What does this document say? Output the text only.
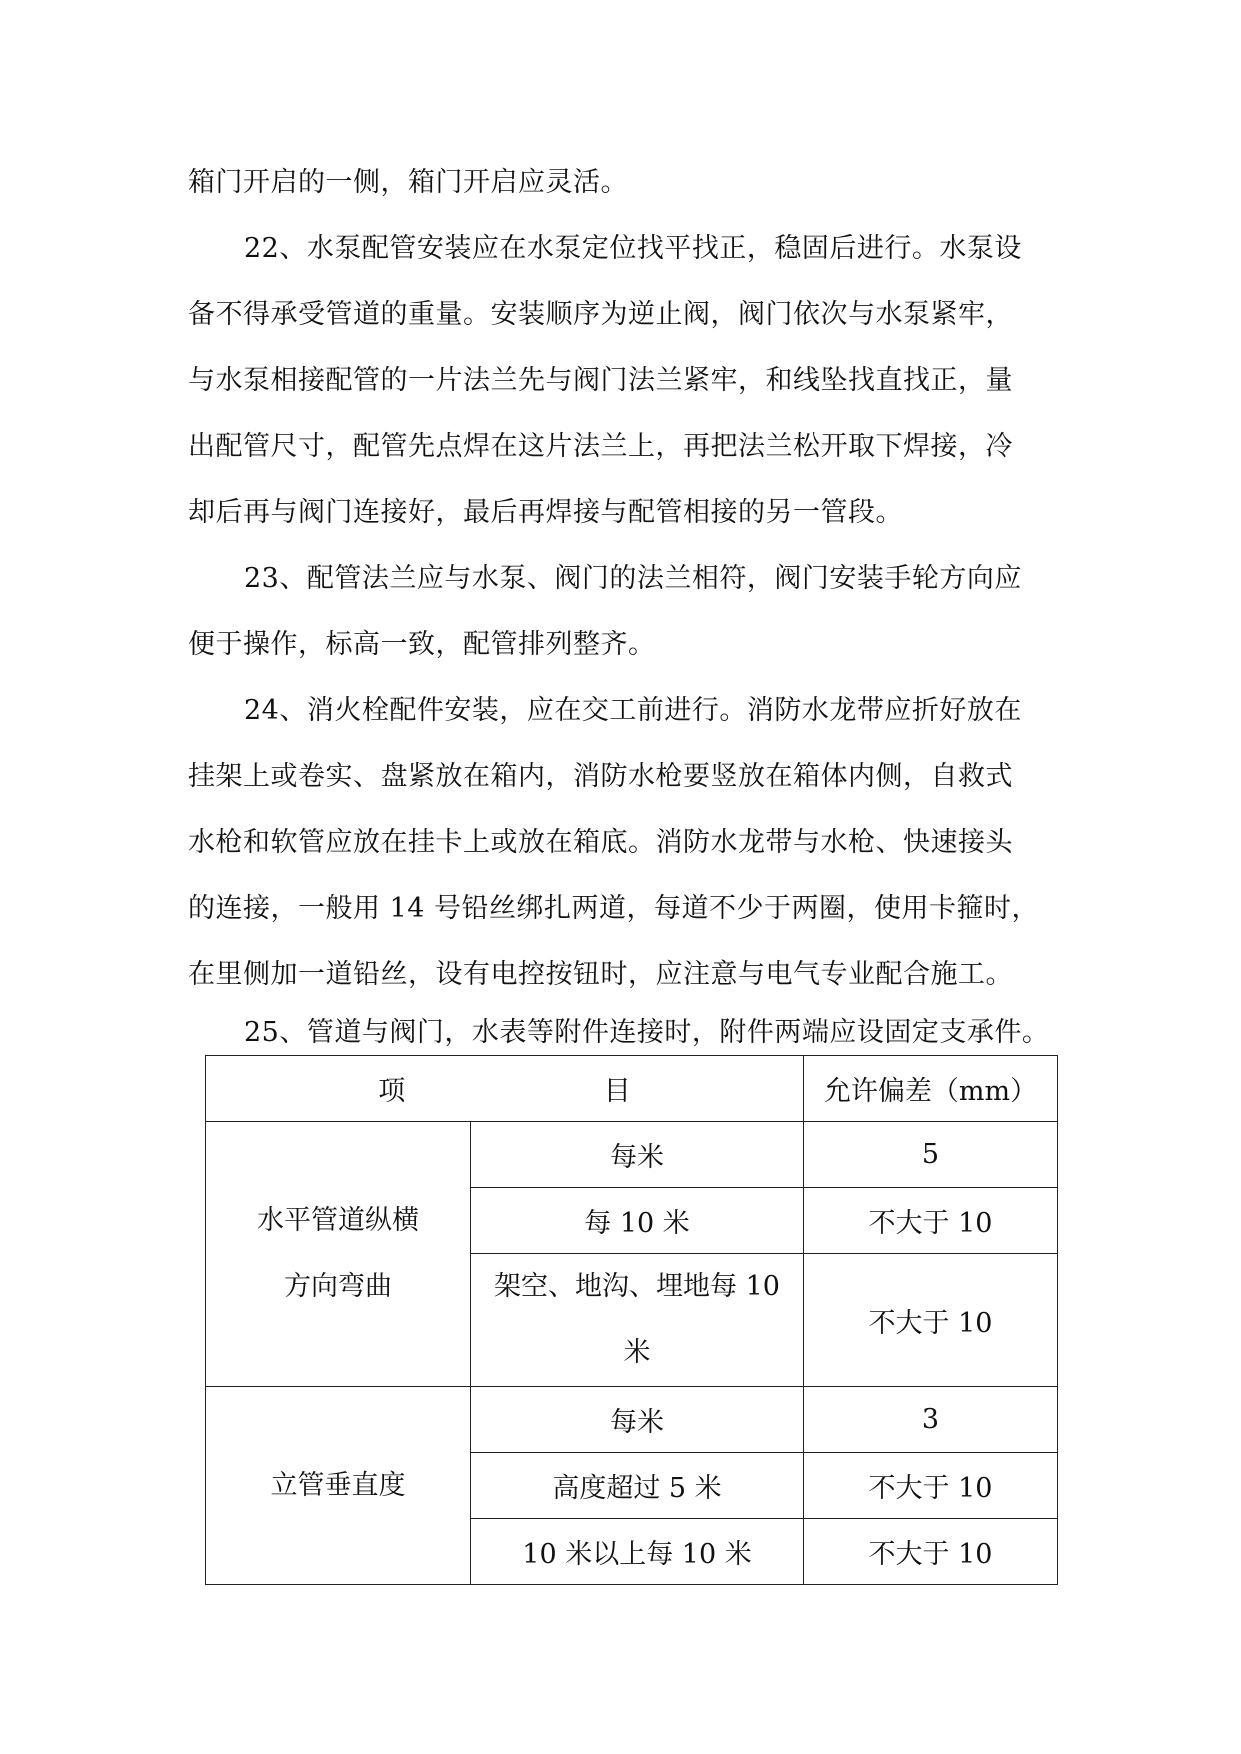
箱门开启的一侧，箱门开启应灵活。
22、水泵配管安装应在水泵定位找平找正，稳固后进行。水泵设
备不得承受管道的重量。安装顺序为逆止阀，阀门依次与水泵紧牢，
与水泵相接配管的一片法兰先与阀门法兰紧牢，和线坠找直找正，量
出配管尺寸，配管先点焊在这片法兰上，再把法兰松开取下焊接，冷
却后再与阀门连接好，最后再焊接与配管相接的另一管段。
23、配管法兰应与水泵、阀门的法兰相符，阀门安装手轮方向应
便于操作，标高一致，配管排列整齐。
24、消火栓配件安装，应在交工前进行。消防水龙带应折好放在
挂架上或卷实、盘紧放在箱内，消防水枪要竖放在箱体内侧，自救式
水枪和软管应放在挂卡上或放在箱底。消防水龙带与水枪、快速接头
的连接，一般用 14 号铅丝绑扎两道，每道不少于两圈，使用卡箍时，
在里侧加一道铅丝，设有电控按钮时，应注意与电气专业配合施工。
25、管道与阀门，水表等附件连接时，附件两端应设固定支承件。
项 目		允许偏差（mm）

水平管道纵横
方向弯曲	每米	5
	每 10 米	不大于 10

	架空、地沟、埋地每 10
米	不大于 10

立管垂直度	每米	3
	高度超过 5 米	不大于 10
	10 米以上每 10 米	不大于 10
